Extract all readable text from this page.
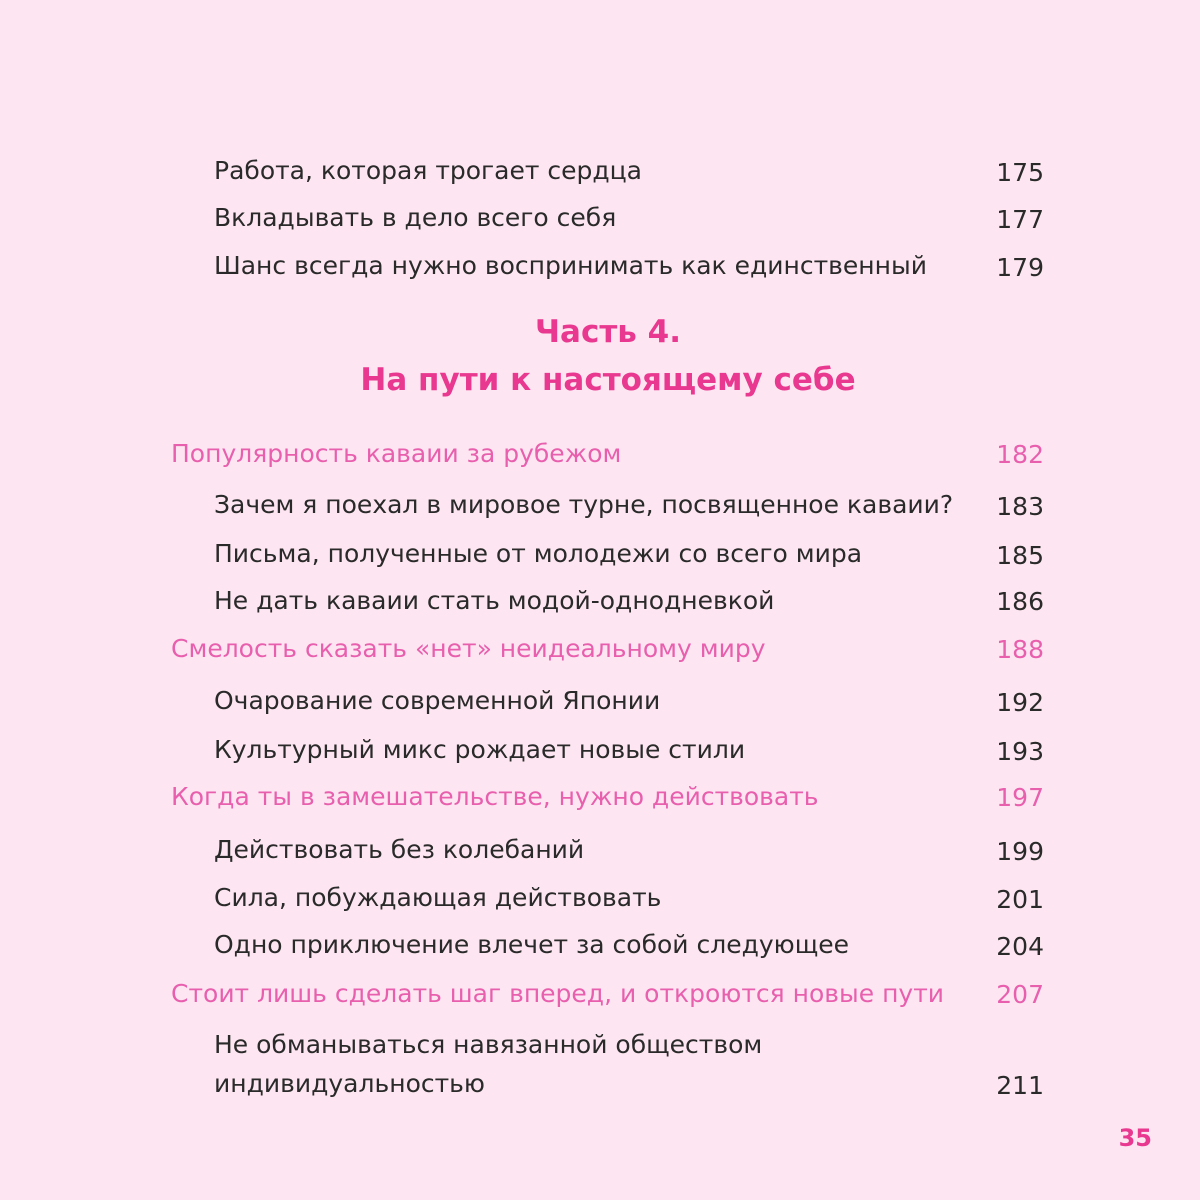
Работа, которая трогает сердца	175
Вкладывать в дело всего себя	177
Шанс всегда нужно воспринимать как единственный	179
Часть 4.
На пути к настоящему себе
Популярность каваии за рубежом	182
Зачем я поехал в мировое турне, посвященное каваии? 183
Письма, полученные от молодежи со всего мира	185
Не дать каваии стать модой-однодневкой	186
Смелость сказать «нет» неидеальному миру	188
Очарование современной Японии	192
Культурный микс рождает новые стили	193
Когда ты в замешательстве, нужно действовать	197
Действовать без колебаний	199
Сила, побуждающая действовать	201
Одно приключение влечет за собой следующее	204
Стоит лишь сделать шаг вперед, и откроются новые пути 207
Не обманываться навязанной обществом
индивидуальностью	211
35
